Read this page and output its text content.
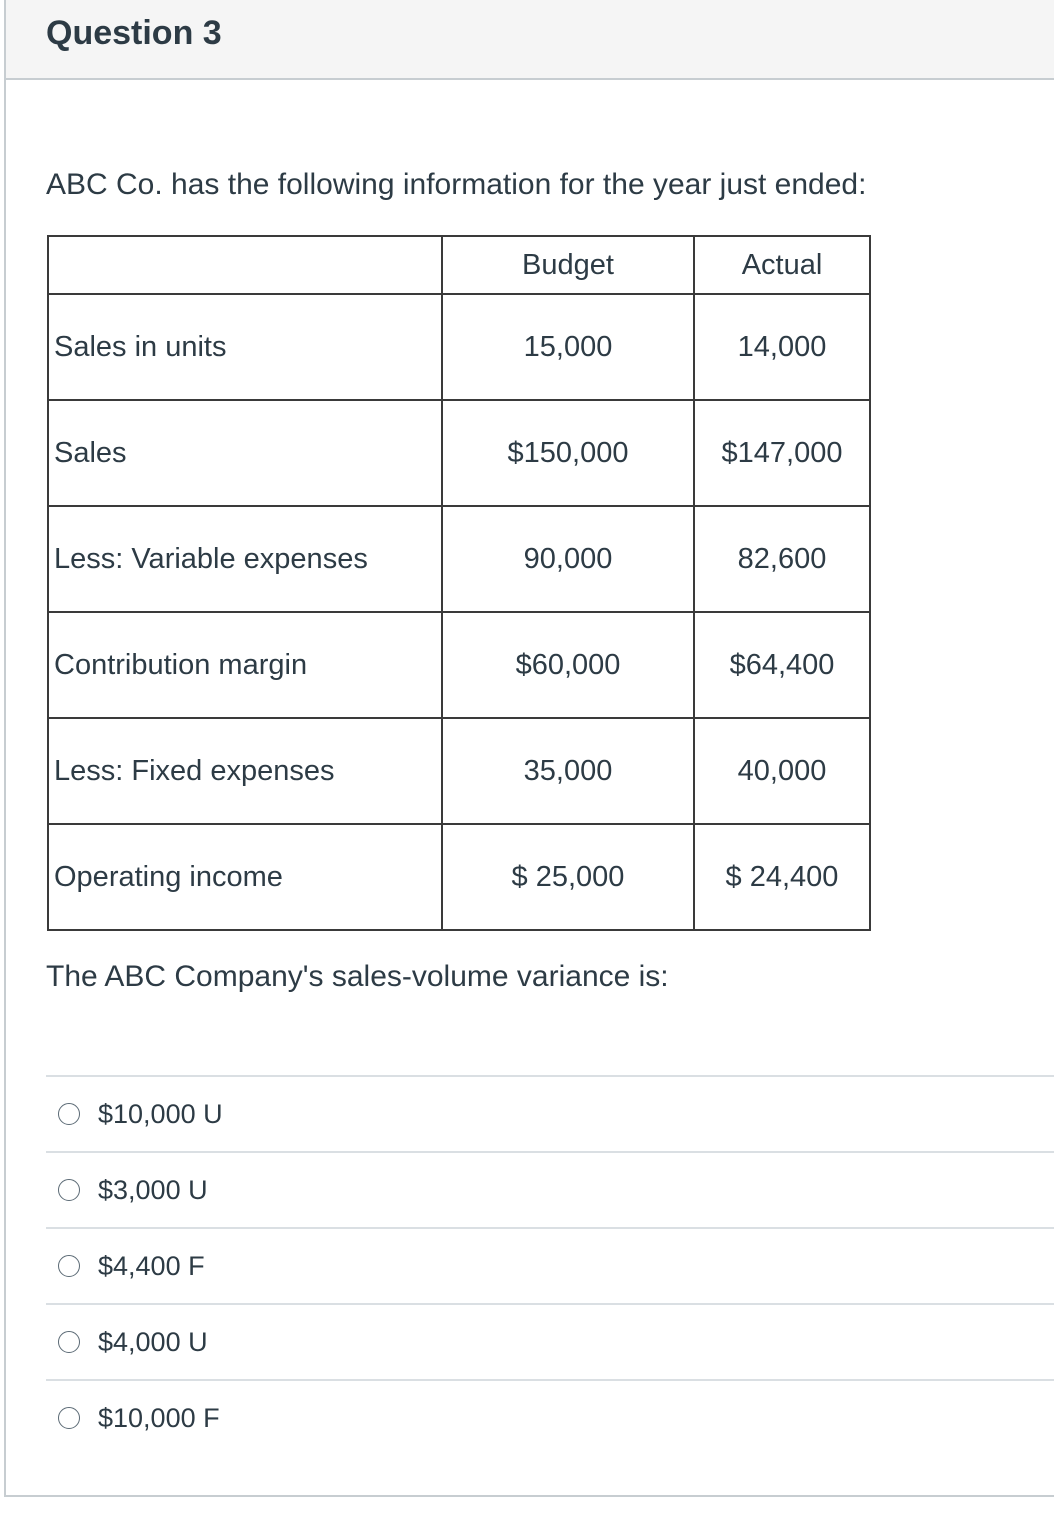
Question 3
ABC Co. has the following information for the year just ended:
	Budget	Actual
Sales in units	15,000	14,000
Sales	$150,000	$147,000
Less: Variable expenses	90,000	82,600
Contribution margin	$60,000	$64,400
Less: Fixed expenses	35,000	40,000
Operating income	$ 25,000	$ 24,400
The ABC Company's sales-volume variance is:
$10,000 U
$3,000 U
$4,400 F
$4,000 U
$10,000 F
